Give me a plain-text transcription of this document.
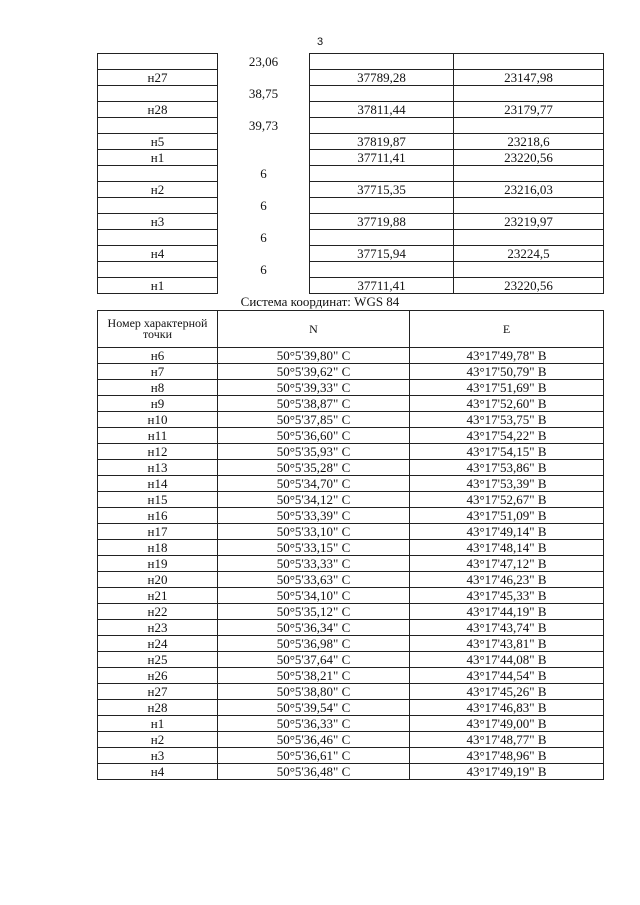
3
	23,06		
н27		37789,28	23147,98
	38,75		
н28		37811,44	23179,77
	39,73		
н5		37819,87	23218,6
н1		37711,41	23220,56
	6		
н2		37715,35	23216,03
	6		
н3		37719,88	23219,97
	6		
н4		37715,94	23224,5
	6		
н1		37711,41	23220,56
Система координат: WGS 84
Номер характерной точки	N	E
н6	50°5'39,80" С	43°17'49,78" В
н7	50°5'39,62" С	43°17'50,79" В
н8	50°5'39,33" С	43°17'51,69" В
н9	50°5'38,87" С	43°17'52,60" В
н10	50°5'37,85" С	43°17'53,75" В
н11	50°5'36,60" С	43°17'54,22" В
н12	50°5'35,93" С	43°17'54,15" В
н13	50°5'35,28" С	43°17'53,86" В
н14	50°5'34,70" С	43°17'53,39" В
н15	50°5'34,12" С	43°17'52,67" В
н16	50°5'33,39" С	43°17'51,09" В
н17	50°5'33,10" С	43°17'49,14" В
н18	50°5'33,15" С	43°17'48,14" В
н19	50°5'33,33" С	43°17'47,12" В
н20	50°5'33,63" С	43°17'46,23" В
н21	50°5'34,10" С	43°17'45,33" В
н22	50°5'35,12" С	43°17'44,19" В
н23	50°5'36,34" С	43°17'43,74" В
н24	50°5'36,98" С	43°17'43,81" В
н25	50°5'37,64" С	43°17'44,08" В
н26	50°5'38,21" С	43°17'44,54" В
н27	50°5'38,80" С	43°17'45,26" В
н28	50°5'39,54" С	43°17'46,83" В
н1	50°5'36,33" С	43°17'49,00" В
н2	50°5'36,46" С	43°17'48,77" В
н3	50°5'36,61" С	43°17'48,96" В
н4	50°5'36,48" С	43°17'49,19" В
